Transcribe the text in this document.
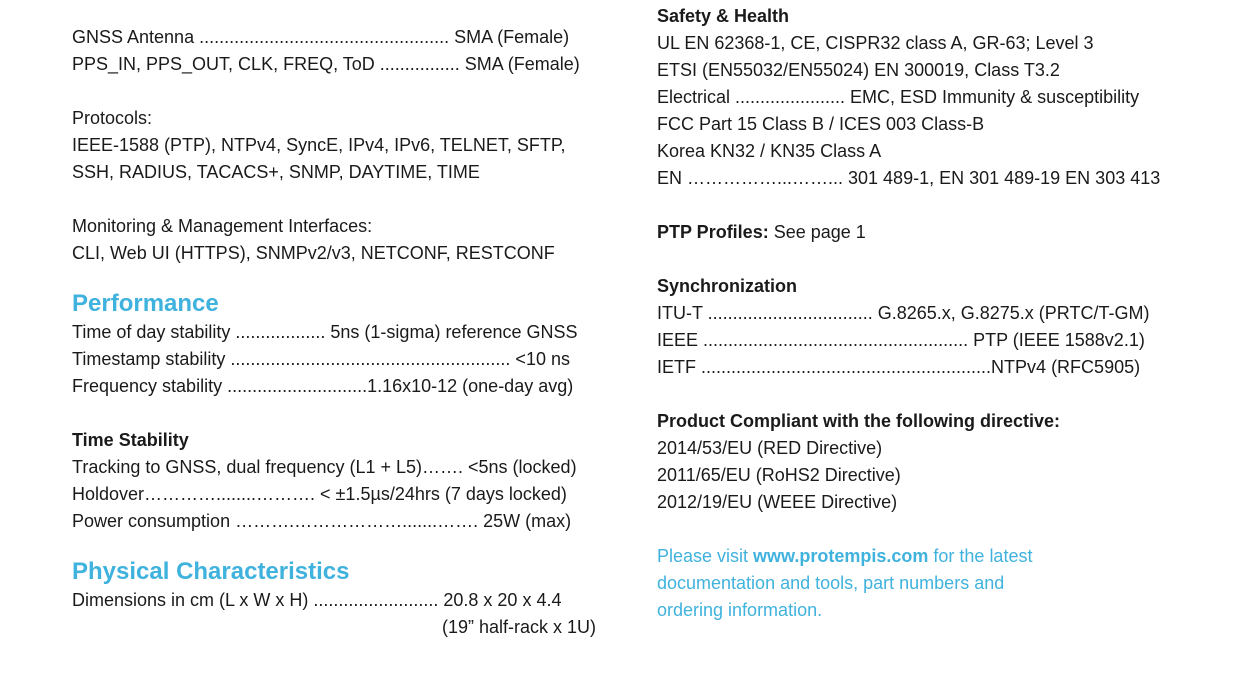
GNSS Antenna .................................................. SMA (Female)
PPS_IN, PPS_OUT, CLK, FREQ, ToD ................ SMA (Female)
Protocols:
IEEE-1588 (PTP), NTPv4, SyncE, IPv4, IPv6, TELNET, SFTP,
SSH, RADIUS, TACACS+, SNMP, DAYTIME, TIME
Monitoring & Management Interfaces:
CLI, Web UI (HTTPS), SNMPv2/v3, NETCONF, RESTCONF
Performance
Time of day stability .................. 5ns (1-sigma) reference GNSS
Timestamp stability ........................................................ <10 ns
Frequency stability ............................1.16x10-12 (one-day avg)
Time Stability
Tracking to GNSS, dual frequency (L1 + L5)……. <5ns (locked)
Holdover…………........………. < ±1.5µs/24hrs (7 days locked)
Power consumption ……….……………….......……. 25W (max)
Physical Characteristics
Dimensions in cm (L x W x H) ......................... 20.8 x 20 x 4.4
(19” half-rack x 1U)
Safety & Health
UL EN 62368-1, CE, CISPR32 class A, GR-63; Level 3
ETSI (EN55032/EN55024) EN 300019, Class T3.2
Electrical ...................... EMC, ESD Immunity & susceptibility
FCC Part 15 Class B / ICES 003 Class-B
Korea KN32 / KN35 Class A
EN ……………...……... 301 489-1, EN 301 489-19 EN 303 413
PTP Profiles: See page 1
Synchronization
ITU-T ................................. G.8265.x, G.8275.x (PRTC/T-GM)
IEEE ..................................................... PTP (IEEE 1588v2.1)
IETF ..........................................................NTPv4 (RFC5905)
Product Compliant with the following directive:
2014/53/EU (RED Directive)
2011/65/EU (RoHS2 Directive)
2012/19/EU (WEEE Directive)
Please visit www.protempis.com for the latest
documentation and tools, part numbers and
ordering information.
